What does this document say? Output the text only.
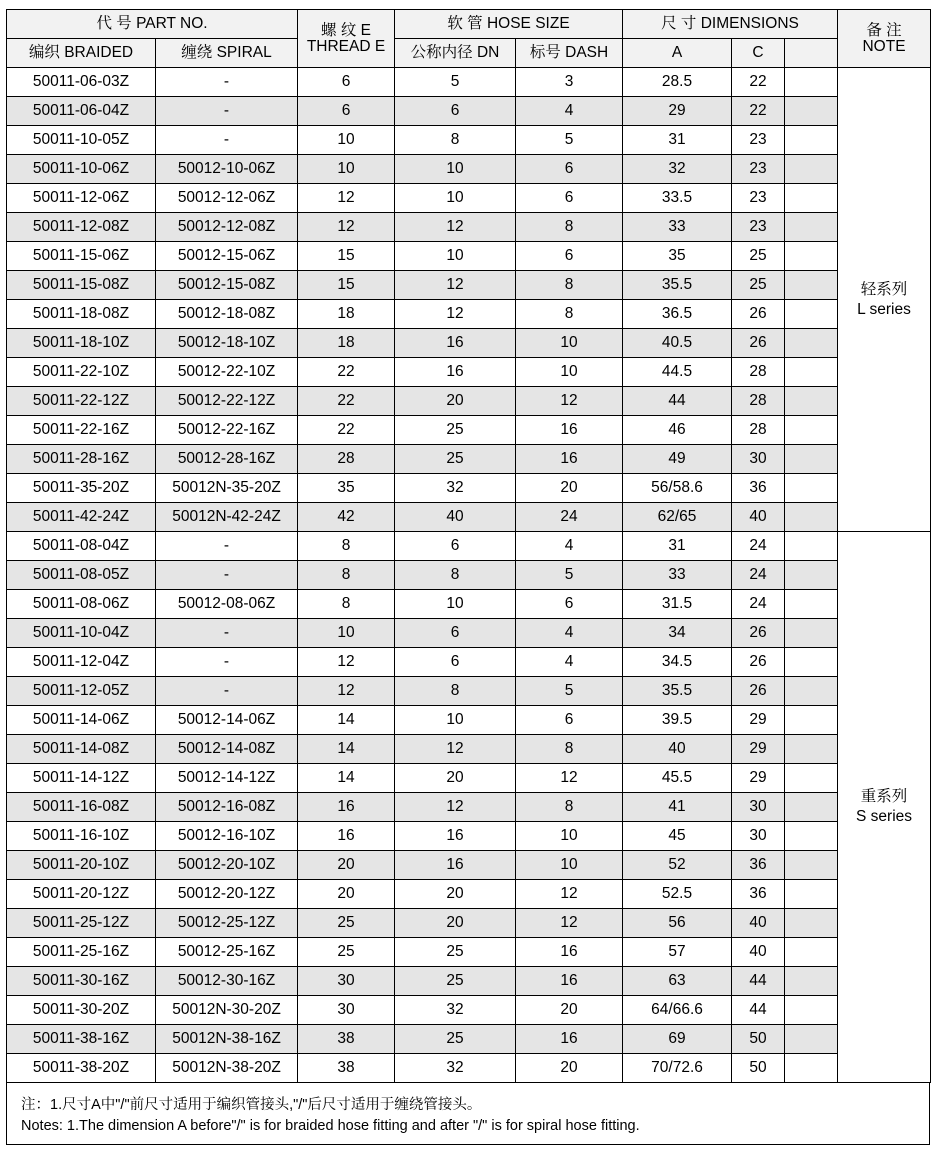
代 号 PART NO.		螺 纹 E
THREAD E	软 管 HOSE SIZE		尺 寸 DIMENSIONS			备 注
NOTE
编织 BRAIDED	缠绕 SPIRAL		公称内径 DN	标号 DASH	A	C		
50011-06-03Z	-	6	5	3	28.5	22		轻系列
L series

50011-06-04Z	-	6	6	4	29	22		
50011-10-05Z	-	10	8	5	31	23		
50011-10-06Z	50012-10-06Z	10	10	6	32	23		
50011-12-06Z	50012-12-06Z	12	10	6	33.5	23		
50011-12-08Z	50012-12-08Z	12	12	8	33	23		
50011-15-06Z	50012-15-06Z	15	10	6	35	25		
50011-15-08Z	50012-15-08Z	15	12	8	35.5	25		
50011-18-08Z	50012-18-08Z	18	12	8	36.5	26		
50011-18-10Z	50012-18-10Z	18	16	10	40.5	26		
50011-22-10Z	50012-22-10Z	22	16	10	44.5	28		
50011-22-12Z	50012-22-12Z	22	20	12	44	28		
50011-22-16Z	50012-22-16Z	22	25	16	46	28		
50011-28-16Z	50012-28-16Z	28	25	16	49	30		
50011-35-20Z	50012N-35-20Z	35	32	20	56/58.6	36		
50011-42-24Z	50012N-42-24Z	42	40	24	62/65	40		
50011-08-04Z	-	8	6	4	31	24		重系列
S series

50011-08-05Z	-	8	8	5	33	24		
50011-08-06Z	50012-08-06Z	8	10	6	31.5	24		
50011-10-04Z	-	10	6	4	34	26		
50011-12-04Z	-	12	6	4	34.5	26		
50011-12-05Z	-	12	8	5	35.5	26		
50011-14-06Z	50012-14-06Z	14	10	6	39.5	29		
50011-14-08Z	50012-14-08Z	14	12	8	40	29		
50011-14-12Z	50012-14-12Z	14	20	12	45.5	29		
50011-16-08Z	50012-16-08Z	16	12	8	41	30		
50011-16-10Z	50012-16-10Z	16	16	10	45	30		
50011-20-10Z	50012-20-10Z	20	16	10	52	36		
50011-20-12Z	50012-20-12Z	20	20	12	52.5	36		
50011-25-12Z	50012-25-12Z	25	20	12	56	40		
50011-25-16Z	50012-25-16Z	25	25	16	57	40		
50011-30-16Z	50012-30-16Z	30	25	16	63	44		
50011-30-20Z	50012N-30-20Z	30	32	20	64/66.6	44		
50011-38-16Z	50012N-38-16Z	38	25	16	69	50		
50011-38-20Z	50012N-38-20Z	38	32	20	70/72.6	50		
注：1.尺寸A中"/"前尺寸适用于编织管接头,"/"后尺寸适用于缠绕管接头。
Notes: 1.The dimension A before"/" is for braided hose fitting and after "/" is for spiral hose fitting.
